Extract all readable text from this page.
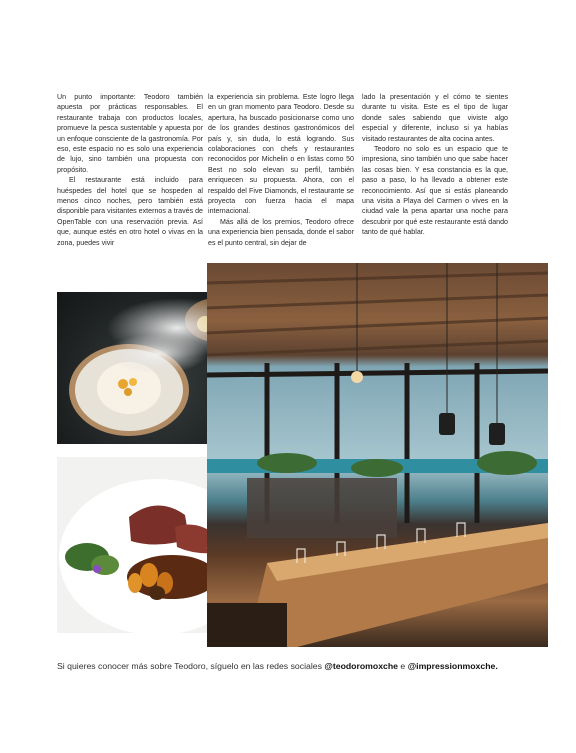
Un punto importante: Teodoro también apuesta por prácticas responsables. El restaurante trabaja con productos locales, promueve la pesca sustentable y apuesta por un enfoque consciente de la gastronomía. Por eso, este espacio no es solo una experiencia de lujo, sino también una propuesta con propósito.

El restaurante está incluido para huéspedes del hotel que se hospeden al menos cinco noches, pero también está disponible para visitantes externos a través de OpenTable con una reservación previa. Así que, aunque estés en otro hotel o vivas en la zona, puedes vivir

la experiencia sin problema. Este logro llega en un gran momento para Teodoro. Desde su apertura, ha buscado posicionarse como uno de los grandes destinos gastronómicos del país y, sin duda, lo está logrando. Sus colaboraciones con chefs y restaurantes reconocidos por Michelin o en listas como 50 Best no solo elevan su perfil, también enriquecen su propuesta. Ahora, con el respaldo del Five Diamonds, el restaurante se proyecta con fuerza hacia el mapa internacional.

Más allá de los premios, Teodoro ofrece una experiencia bien pensada, donde el sabor es el punto central, sin dejar de

lado la presentación y el cómo te sientes durante tu visita. Este es el tipo de lugar donde sales sabiendo que viviste algo especial y diferente, incluso si ya habías visitado restaurantes de alta cocina antes.

Teodoro no solo es un espacio que te impresiona, sino también uno que sabe hacer las cosas bien. Y esa constancia es la que, paso a paso, lo ha llevado a obtener este reconocimiento. Así que si estás planeando una visita a Playa del Carmen o vives en la ciudad vale la pena apartar una noche para descubrir por qué este restaurante está dando tanto de qué hablar.

Si quieres conocer más sobre Teodoro, síguelo en las redes sociales @teodoromoxche e @impressionmoxche.
